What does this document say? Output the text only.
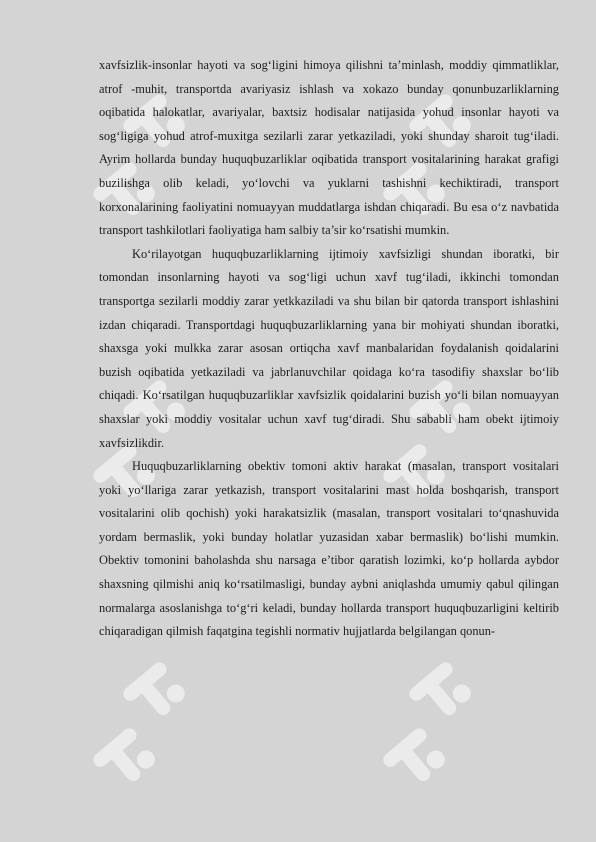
xavfsizlik-insonlar hayoti va sog‘ligini himoya qilishni ta’minlash, moddiy qimmatliklar, atrof -muhit, transportda avariyasiz ishlash va xokazo bunday qonunbuzarliklarning oqibatida halokatlar, avariyalar, baxtsiz hodisalar natijasida yohud insonlar hayoti va sog‘ligiga yohud atrof-muxitga sezilarli zarar yetkaziladi, yoki shunday sharoit tug‘iladi. Ayrim hollarda bunday huquqbuzarliklar oqibatida transport vositalarining harakat grafigi buzilishga olib keladi, yo‘lovchi va yuklarni tashishni kechiktiradi, transport korxonalarining faoliyatini nomuayyan muddatlarga ishdan chiqaradi. Bu esa o‘z navbatida transport tashkilotlari faoliyatiga ham salbiy ta’sir ko‘rsatishi mumkin.

Ko‘rilayotgan huquqbuzarliklarning ijtimoiy xavfsizligi shundan iboratki, bir tomondan insonlarning hayoti va sog‘ligi uchun xavf tug‘iladi, ikkinchi tomondan transportga sezilarli moddiy zarar yetkkaziladi va shu bilan bir qatorda transport ishlashini izdan chiqaradi. Transportdagi huquqbuzarliklarning yana bir mohiyati shundan iboratki, shaxsga yoki mulkka zarar asosan ortiqcha xavf manbalaridan foydalanish qoidalarini buzish oqibatida yetkaziladi va jabrlanuvchilar qoidaga ko‘ra tasodifiy shaxslar bo‘lib chiqadi. Ko‘rsatilgan huquqbuzarliklar xavfsizlik qoidalarini buzish yo‘li bilan nomuayyan shaxslar yoki moddiy vositalar uchun xavf tug‘diradi. Shu sababli ham obekt ijtimoiy xavfsizlikdir.

Huquqbuzarliklarning obektiv tomoni aktiv harakat (masalan, transport vositalari yoki yo‘llariga zarar yetkazish, transport vositalarini mast holda boshqarish, transport vositalarini olib qochish) yoki harakatsizlik (masalan, transport vositalari to‘qnashuvida yordam bermaslik, yoki bunday holatlar yuzasidan xabar bermaslik) bo‘lishi mumkin. Obektiv tomonini baholashda shu narsaga e’tibor qaratish lozimki, ko‘p hollarda aybdor shaxsning qilmishi aniq ko‘rsatilmasligi, bunday aybni aniqlashda umumiy qabul qilingan normalarga asoslanishga to‘g‘ri keladi, bunday hollarda transport huquqbuzarligini keltirib chiqaradigan qilmish faqatgina tegishli normativ hujjatlarda belgilangan qonun-
